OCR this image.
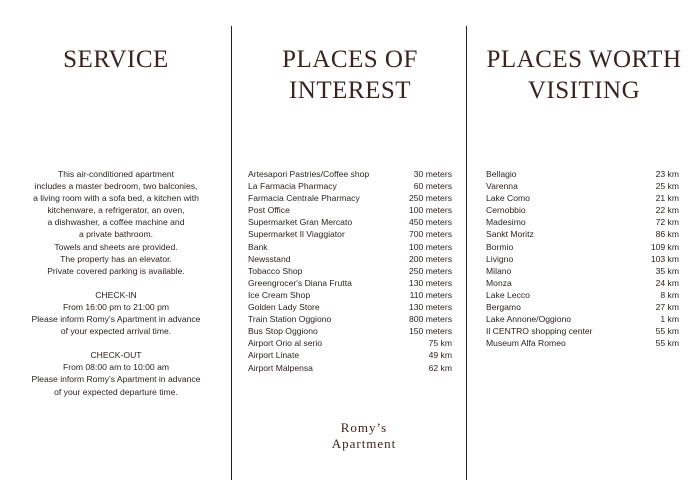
SERVICE
This air-conditioned apartment
includes a master bedroom, two balconies,
a living room with a sofa bed, a kitchen with
kitchenware, a refrigerator, an oven,
a dishwasher, a coffee machine and
a private bathroom.
Towels and sheets are provided.
The property has an elevator.
Private covered parking is available.
CHECK-IN
From 16:00 pm to 21:00 pm
Please inform Romy’s Apartment in advance
of your expected arrival time.
CHECK-OUT
From 08:00 am to 10:00 am
Please inform Romy’s Apartment in advance
of your expected departure time.
PLACES OF
INTEREST
Artesapori Pastries/Coffee shop	30 meters
La Farmacia Pharmacy	60 meters
Farmacia Centrale Pharmacy	250 meters
Post Office	100 meters
Supermarket Gran Mercato	450 meters
Supermarket Il Viaggiator	700 meters
Bank	100 meters
Newsstand	200 meters
Tobacco Shop	250 meters
Greengrocer's Diana Frutta	130 meters
Ice Cream Shop	110 meters
Golden Lady Store	130 meters
Train Station Oggiono	800 meters
Bus Stop Oggiono	150 meters
Airport Orio al serio	75 km
Airport Linate	49 km
Airport Malpensa	62 km
Romy’s
Apartment
PLACES WORTH
VISITING
Bellagio	23 km
Varenna	25 km
Lake Como	21 km
Cernobbio	22 km
Madesimo	72 km
Sankt Moritz	86 km
Bormio	109 km
Livigno	103 km
Milano	35 km
Monza	24 km
Lake Lecco	8 km
Bergamo	27 km
Lake Annone/Oggiono	1 km
Il CENTRO shopping center	55 km
Museum Alfa Romeo	55 km
